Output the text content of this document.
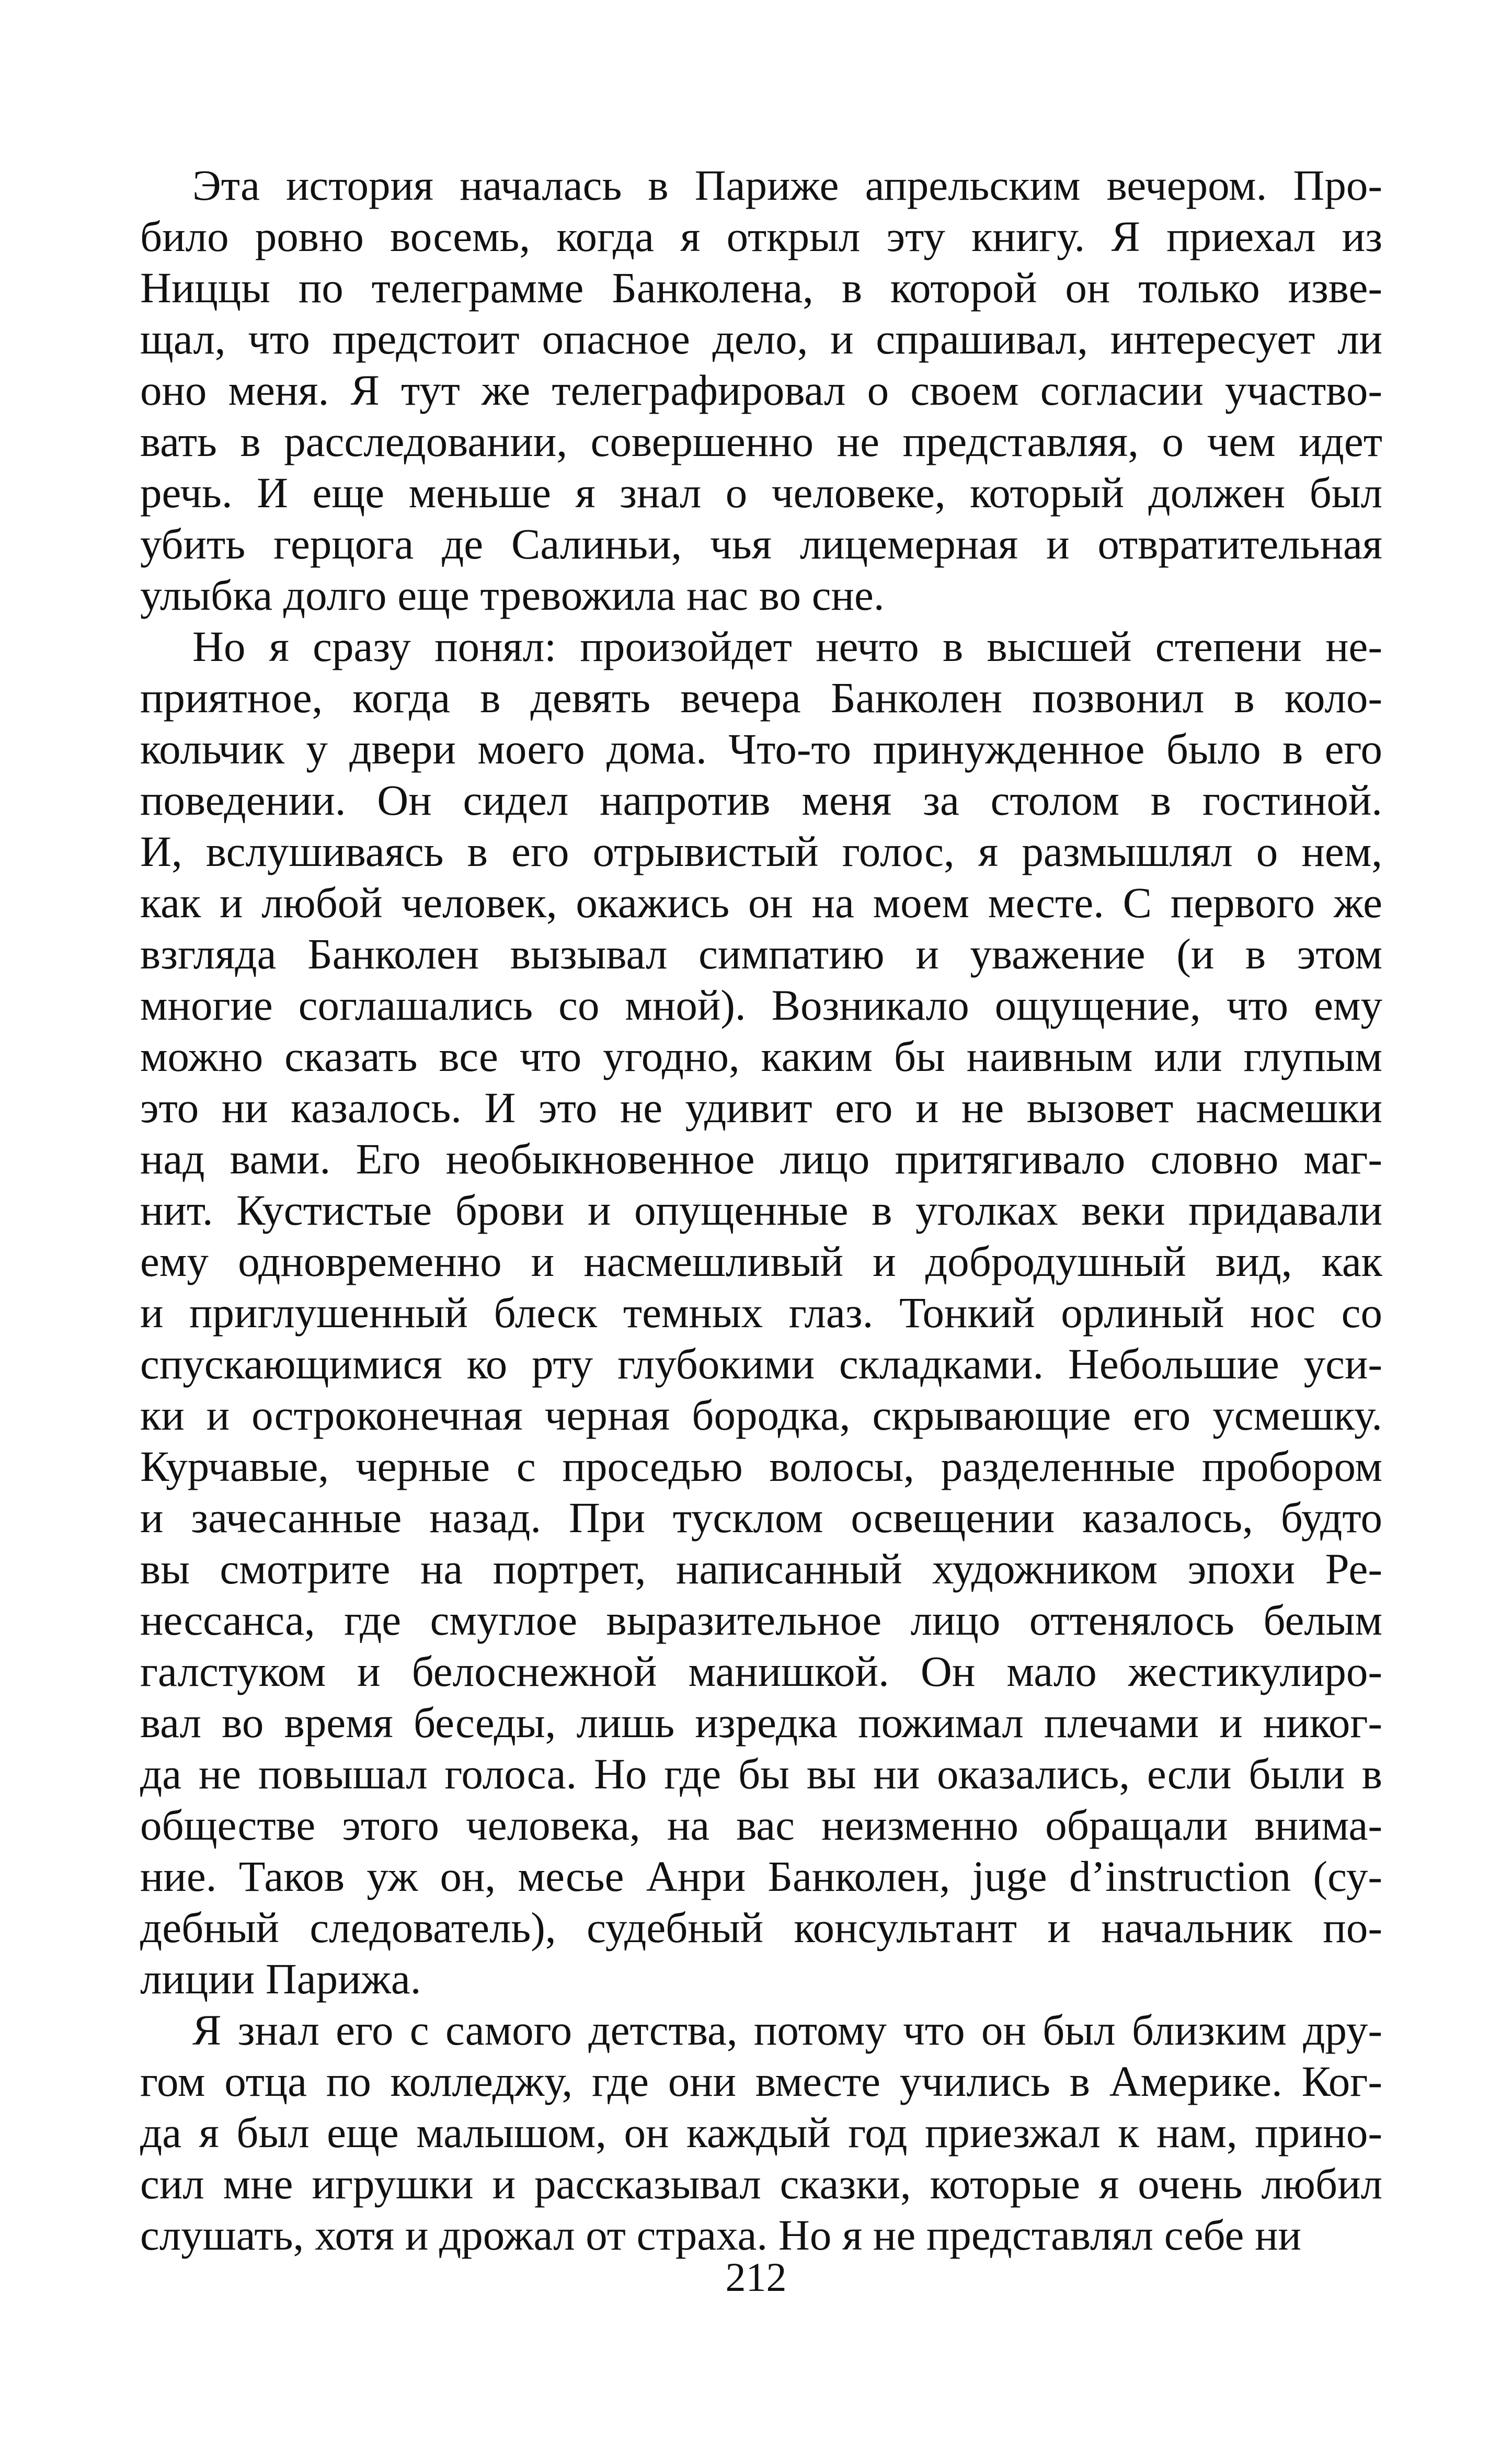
Эта история началась в Париже апрельским вечером. Про-
било ровно восемь, когда я открыл эту книгу. Я приехал из
Ниццы по телеграмме Банколена, в которой он только изве-
щал, что предстоит опасное дело, и спрашивал, интересует ли
оно меня. Я тут же телеграфировал о своем согласии участво-
вать в расследовании, совершенно не представляя, о чем идет
речь. И еще меньше я знал о человеке, который должен был
убить герцога де Салиньи, чья лицемерная и отвратительная
улыбка долго еще тревожила нас во сне.
Но я сразу понял: произойдет нечто в высшей степени не-
приятное, когда в девять вечера Банколен позвонил в коло-
кольчик у двери моего дома. Что-то принужденное было в его
поведении. Он сидел напротив меня за столом в гостиной.
И, вслушиваясь в его отрывистый голос, я размышлял о нем,
как и любой человек, окажись он на моем месте. С первого же
взгляда Банколен вызывал симпатию и уважение (и в этом
многие соглашались со мной). Возникало ощущение, что ему
можно сказать все что угодно, каким бы наивным или глупым
это ни казалось. И это не удивит его и не вызовет насмешки
над вами. Его необыкновенное лицо притягивало словно маг-
нит. Кустистые брови и опущенные в уголках веки придавали
ему одновременно и насмешливый и добродушный вид, как
и приглушенный блеск темных глаз. Тонкий орлиный нос со
спускающимися ко рту глубокими складками. Небольшие уси-
ки и остроконечная черная бородка, скрывающие его усмешку.
Курчавые, черные с проседью волосы, разделенные пробором
и зачесанные назад. При тусклом освещении казалось, будто
вы смотрите на портрет, написанный художником эпохи Ре-
нессанса, где смуглое выразительное лицо оттенялось белым
галстуком и белоснежной манишкой. Он мало жестикулиро-
вал во время беседы, лишь изредка пожимал плечами и никог-
да не повышал голоса. Но где бы вы ни оказались, если были в
обществе этого человека, на вас неизменно обращали внима-
ние. Таков уж он, месье Анри Банколен, juge d’instruction (су-
дебный следователь), судебный консультант и начальник по-
лиции Парижа.
Я знал его с самого детства, потому что он был близким дру-
гом отца по колледжу, где они вместе учились в Америке. Ког-
да я был еще малышом, он каждый год приезжал к нам, прино-
сил мне игрушки и рассказывал сказки, которые я очень любил
слушать, хотя и дрожал от страха. Но я не представлял себе ни
212
